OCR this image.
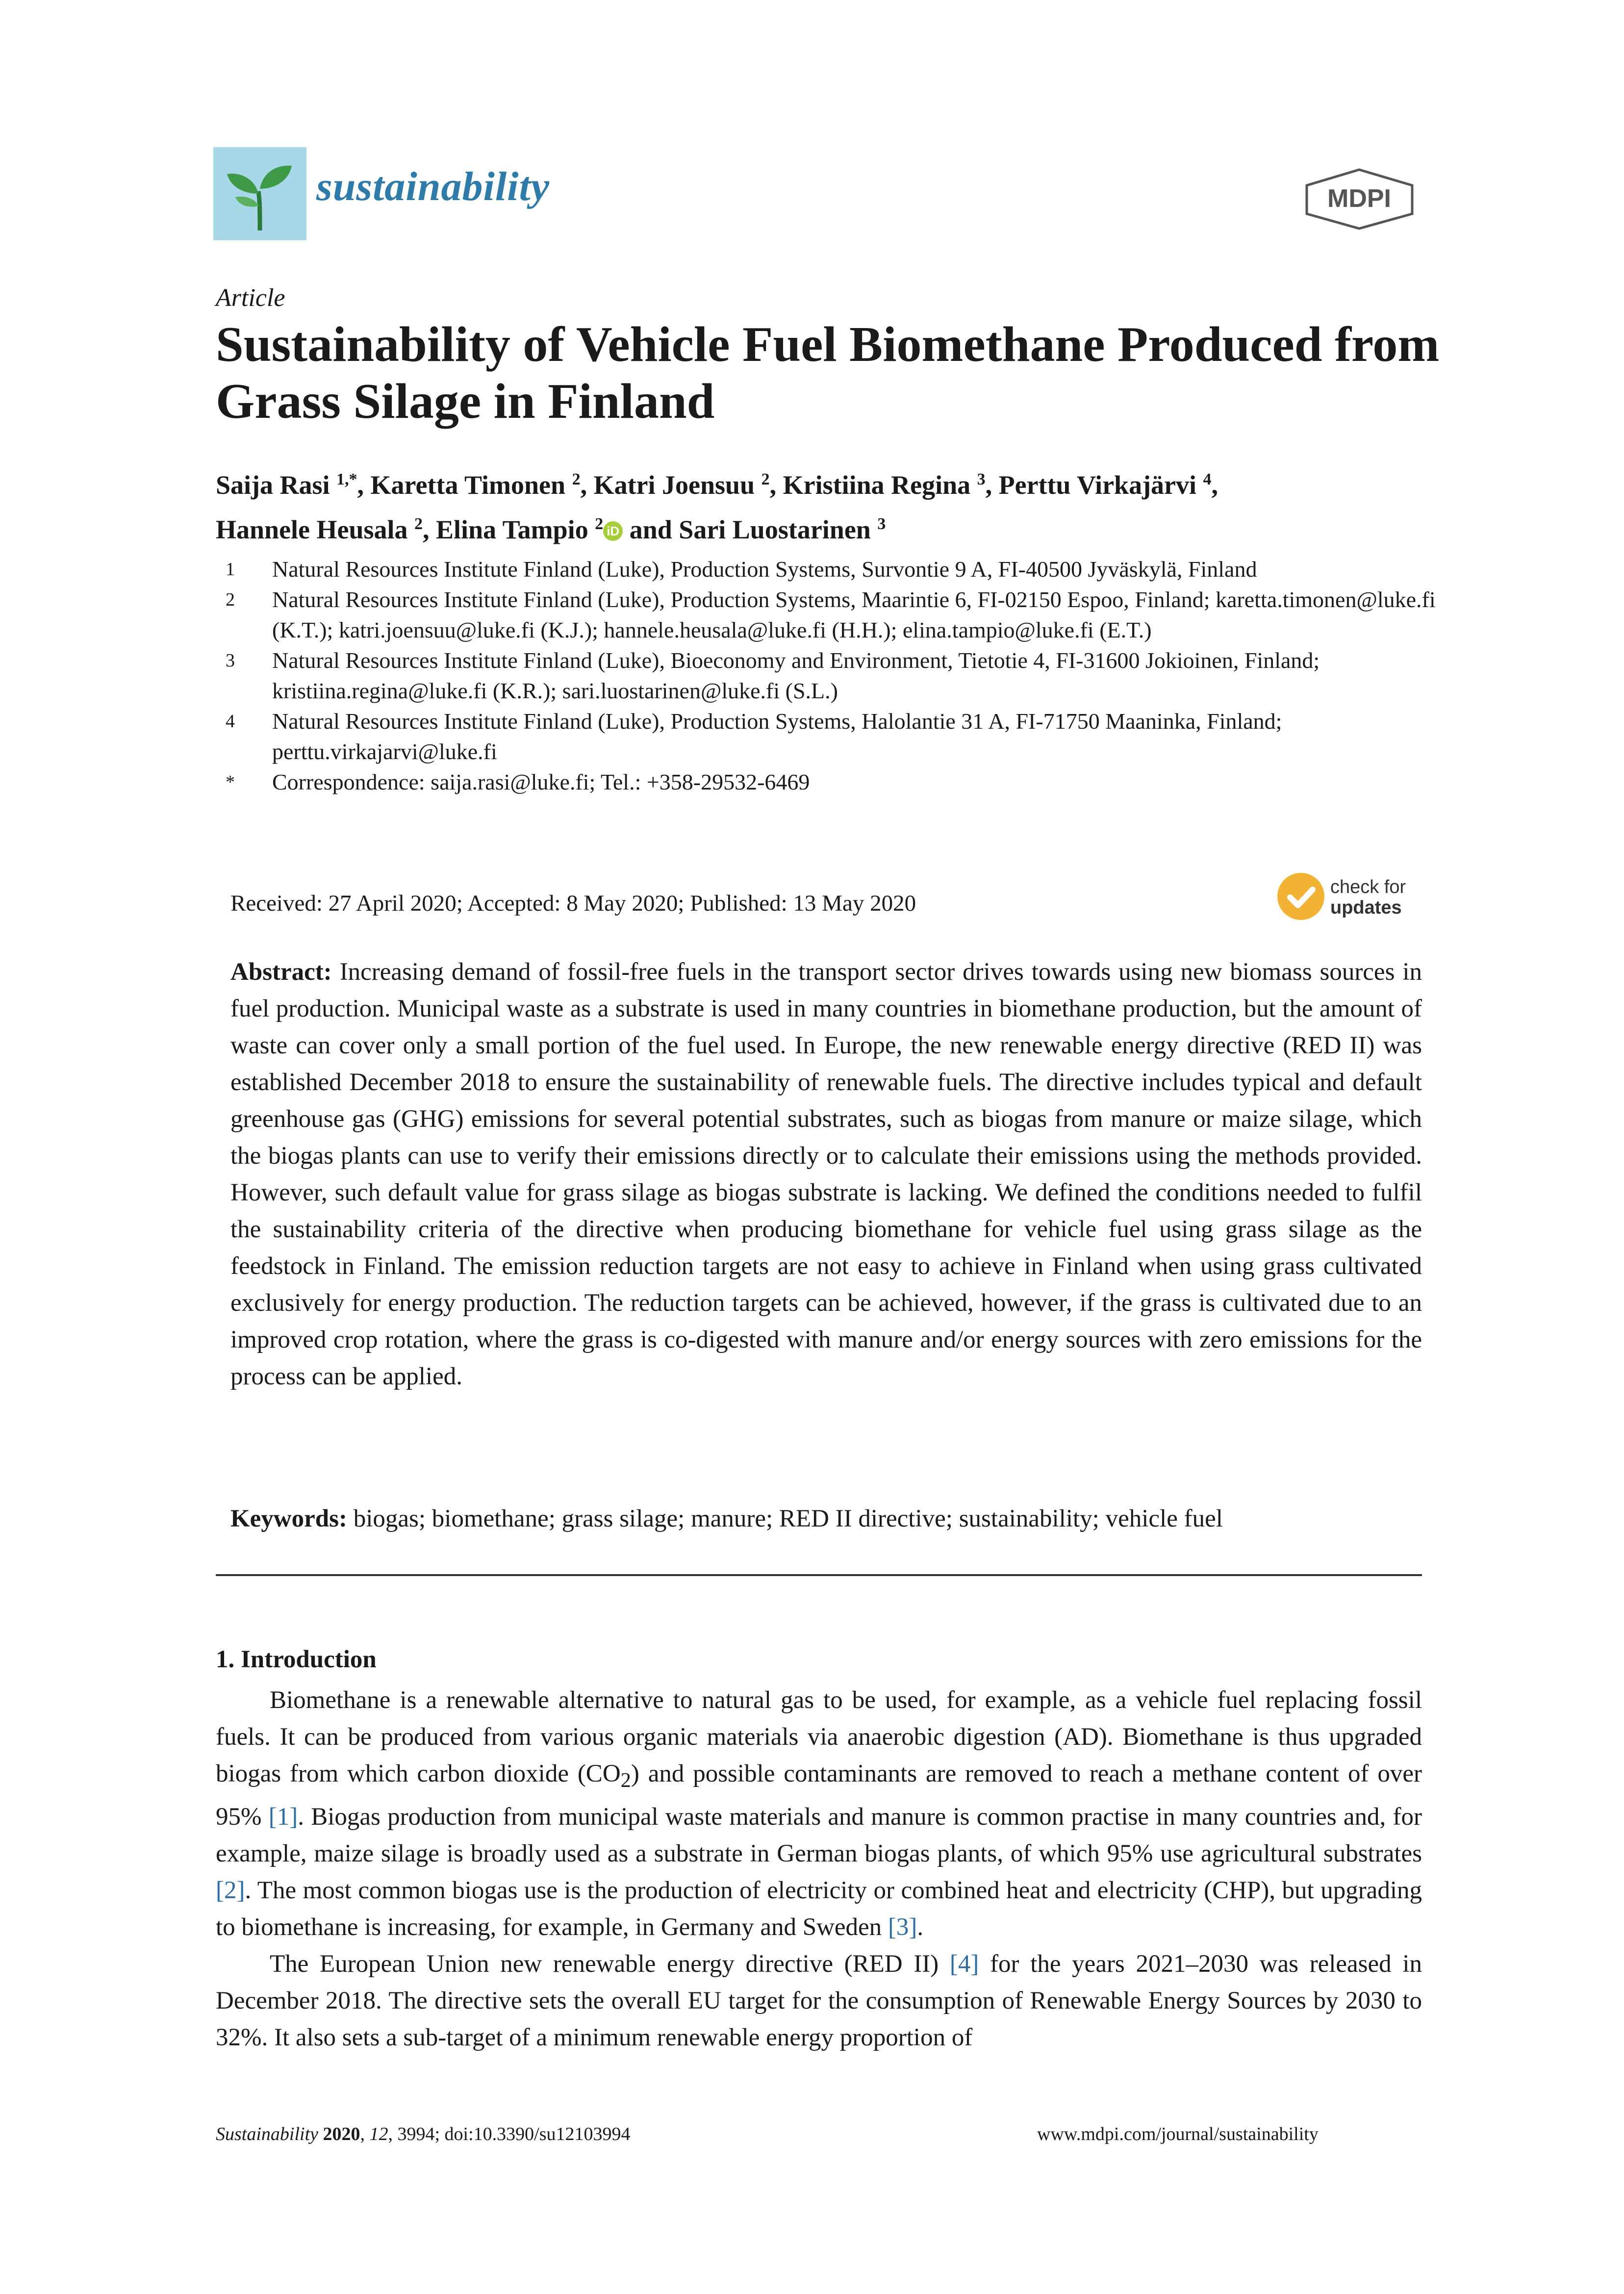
sustainability	MDPI
Article
Sustainability of Vehicle Fuel Biomethane Produced from Grass Silage in Finland
Saija Rasi $^{1,*}$, Karetta Timonen $^2$, Katri Joensuu $^2$, Kristiina Regina $^3$, Perttu Virkajärvi $^4$,
Hannele Heusala $^2$, Elina Tampio $^2$ iD and Sari Luostarinen $^3$
1	Natural Resources Institute Finland (Luke), Production Systems, Survontie 9 A, FI-40500 Jyväskylä, Finland
2	Natural Resources Institute Finland (Luke), Production Systems, Maarintie 6, FI-02150 Espoo, Finland; karetta.timonen@luke.fi (K.T.); katri.joensuu@luke.fi (K.J.); hannele.heusala@luke.fi (H.H.); elina.tampio@luke.fi (E.T.)
3	Natural Resources Institute Finland (Luke), Bioeconomy and Environment, Tietotie 4, FI-31600 Jokioinen, Finland; kristiina.regina@luke.fi (K.R.); sari.luostarinen@luke.fi (S.L.)
4	Natural Resources Institute Finland (Luke), Production Systems, Halolantie 31 A, FI-71750 Maaninka, Finland; perttu.virkajarvi@luke.fi
*	Correspondence: saija.rasi@luke.fi; Tel.: +358-29532-6469
Received: 27 April 2020; Accepted: 8 May 2020; Published: 13 May 2020
check for
updates
Abstract: Increasing demand of fossil-free fuels in the transport sector drives towards using new biomass sources in fuel production. Municipal waste as a substrate is used in many countries in biomethane production, but the amount of waste can cover only a small portion of the fuel used. In Europe, the new renewable energy directive (RED II) was established December 2018 to ensure the sustainability of renewable fuels. The directive includes typical and default greenhouse gas (GHG) emissions for several potential substrates, such as biogas from manure or maize silage, which the biogas plants can use to verify their emissions directly or to calculate their emissions using the methods provided. However, such default value for grass silage as biogas substrate is lacking. We defined the conditions needed to fulfil the sustainability criteria of the directive when producing biomethane for vehicle fuel using grass silage as the feedstock in Finland. The emission reduction targets are not easy to achieve in Finland when using grass cultivated exclusively for energy production. The reduction targets can be achieved, however, if the grass is cultivated due to an improved crop rotation, where the grass is co-digested with manure and/or energy sources with zero emissions for the process can be applied.
Keywords: biogas; biomethane; grass silage; manure; RED II directive; sustainability; vehicle fuel
1. Introduction

Biomethane is a renewable alternative to natural gas to be used, for example, as a vehicle fuel replacing fossil fuels. It can be produced from various organic materials via anaerobic digestion (AD). Biomethane is thus upgraded biogas from which carbon dioxide $(CO_2)$ and possible contaminants are removed to reach a methane content of over 95% [1]. Biogas production from municipal waste materials and manure is common practise in many countries and, for example, maize silage is broadly used as a substrate in German biogas plants, of which 95% use agricultural substrates [2]. The most common biogas use is the production of electricity or combined heat and electricity (CHP), but upgrading to biomethane is increasing, for example, in Germany and Sweden [3].

The European Union new renewable energy directive (RED II) [4] for the years 2021–2030 was released in December 2018. The directive sets the overall EU target for the consumption of Renewable Energy Sources by 2030 to 32%. It also sets a sub-target of a minimum renewable energy proportion of

Sustainability 2020, 12, 3994; doi:10.3390/su12103994	www.mdpi.com/journal/sustainability
